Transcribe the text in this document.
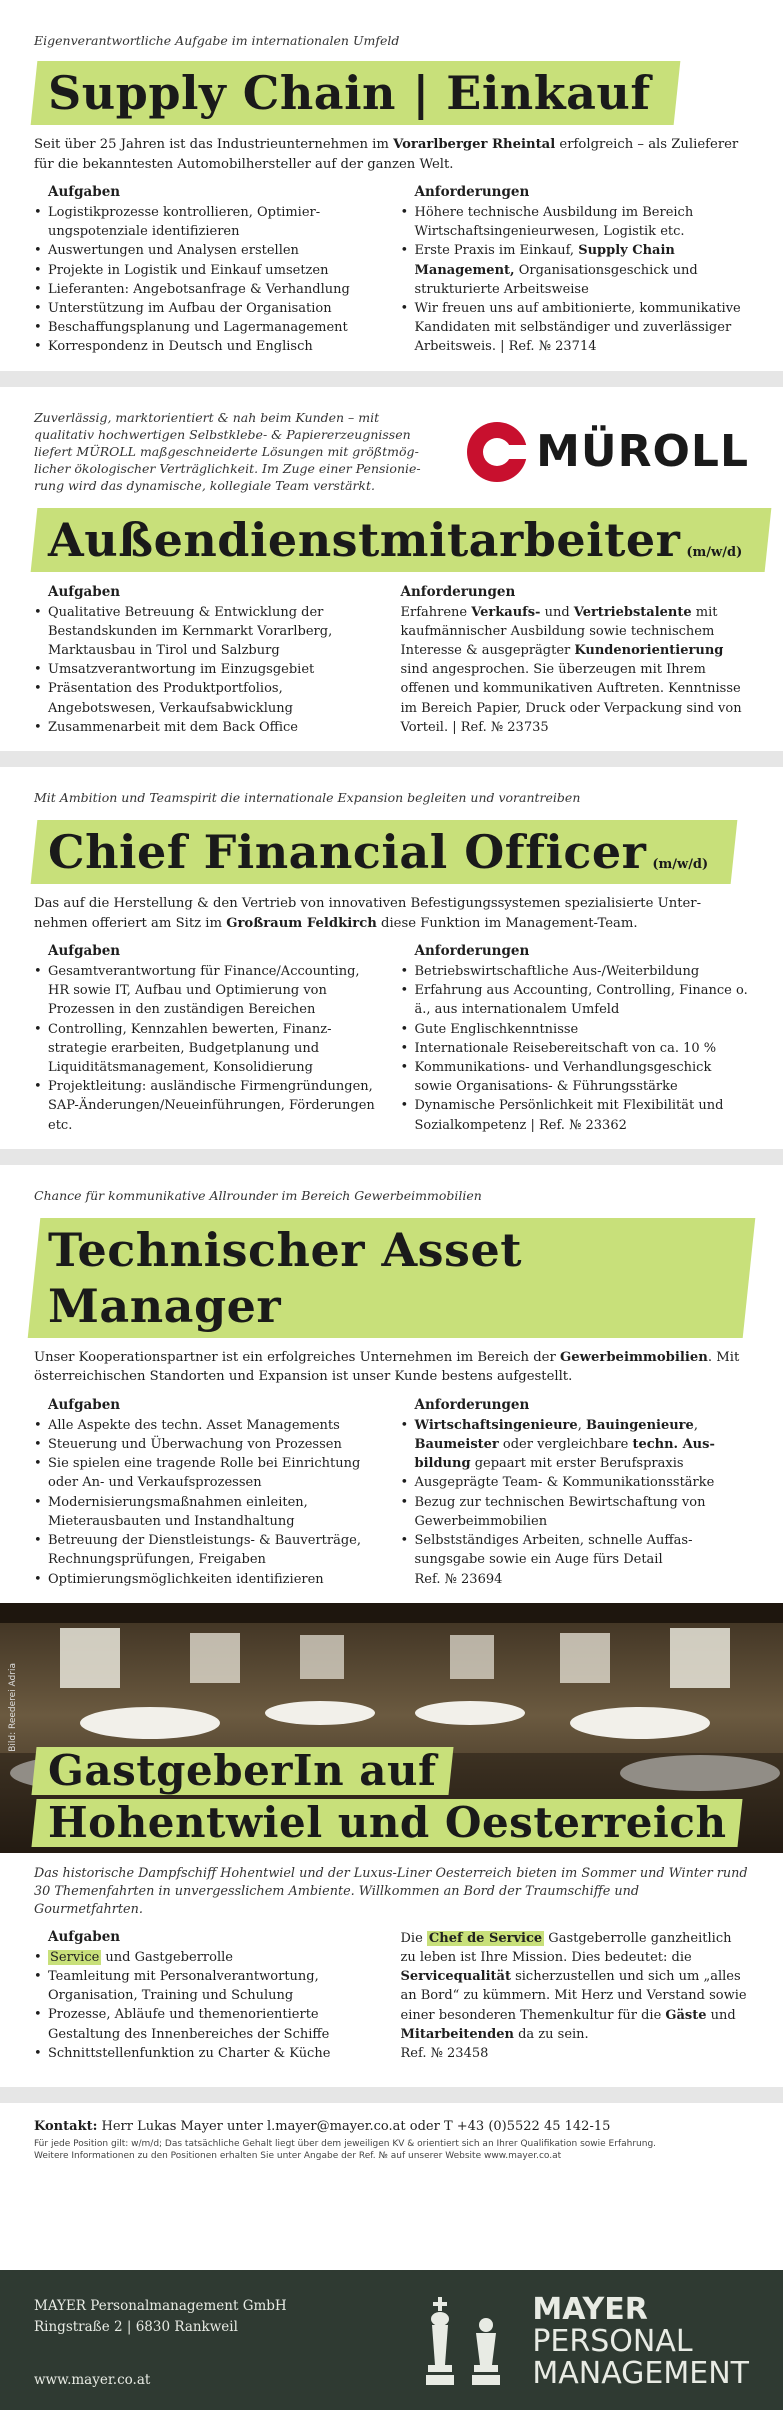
Eigenverantwortliche Aufgabe im internationalen Umfeld
Supply Chain | Einkauf

Seit über 25 Jahren ist das Industrieunternehmen im Vorarlberger Rheintal erfolgreich – als Zulieferer für die bekanntesten Automobilhersteller auf der ganzen Welt.

Aufgaben
• Logistikprozesse kontrollieren, Optimierungspotenziale identifizieren
• Auswertungen und Analysen erstellen
• Projekte in Logistik und Einkauf umsetzen
• Lieferanten: Angebotsanfrage & Verhandlung
• Unterstützung im Aufbau der Organisation
• Beschaffungsplanung und Lagermanagement
• Korrespondenz in Deutsch und Englisch
Anforderungen
• Höhere technische Ausbildung im Bereich Wirtschaftsingenieurwesen, Logistik etc.
• Erste Praxis im Einkauf, Supply Chain Management, Organisationsgeschick und strukturierte Arbeitsweise
• Wir freuen uns auf ambitionierte, kommunikative Kandidaten mit selbständiger und zuverlässiger Arbeitsweis. | Ref. № 23714
Zuverlässig, marktorientiert & nah beim Kunden – mit qualitativ hochwertigen Selbstklebe- & Papiererzeugnissen liefert MÜROLL maßgeschneiderte Lösungen mit größtmöglicher ökologischer Verträglichkeit. Im Zuge einer Pensionierung wird das dynamische, kollegiale Team verstärkt.
MÜROLL
Außendienstmitarbeiter (m/w/d)
Aufgaben
• Qualitative Betreuung & Entwicklung der Bestandskunden im Kernmarkt Vorarlberg, Marktausbau in Tirol und Salzburg
• Umsatzverantwortung im Einzugsgebiet
• Präsentation des Produktportfolios, Angebotswesen, Verkaufsabwicklung
• Zusammenarbeit mit dem Back Office
Anforderungen

Erfahrene Verkaufs- und Vertriebstalente mit kaufmännischer Ausbildung sowie technischem Interesse & ausgeprägter Kundenorientierung sind angesprochen. Sie überzeugen mit Ihrem offenen und kommunikativen Auftreten. Kenntnisse im Bereich Papier, Druck oder Verpackung sind von Vorteil. | Ref. № 23735

Mit Ambition und Teamspirit die internationale Expansion begleiten und vorantreiben
Chief Financial Officer (m/w/d)

Das auf die Herstellung & den Vertrieb von innovativen Befestigungssystemen spezialisierte Unternehmen offeriert am Sitz im Großraum Feldkirch diese Funktion im Management-Team.

Aufgaben
• Gesamtverantwortung für Finance/Accounting, HR sowie IT, Aufbau und Optimierung von Prozessen in den zuständigen Bereichen
• Controlling, Kennzahlen bewerten, Finanzstrategie erarbeiten, Budgetplanung und Liquiditätsmanagement, Konsolidierung
• Projektleitung: ausländische Firmengründungen, SAP-Änderungen/Neueinführungen, Förderungen etc.
Anforderungen
• Betriebswirtschaftliche Aus-/Weiterbildung
• Erfahrung aus Accounting, Controlling, Finance o. ä., aus internationalem Umfeld
• Gute Englischkenntnisse
• Internationale Reisebereitschaft von ca. 10 %
• Kommunikations- und Verhandlungsgeschick sowie Organisations- & Führungsstärke
• Dynamische Persönlichkeit mit Flexibilität und Sozialkompetenz | Ref. № 23362
Chance für kommunikative Allrounder im Bereich Gewerbeimmobilien
Technischer Asset Manager

Unser Kooperationspartner ist ein erfolgreiches Unternehmen im Bereich der Gewerbeimmobilien. Mit österreichischen Standorten und Expansion ist unser Kunde bestens aufgestellt.

Aufgaben
• Alle Aspekte des techn. Asset Managements
• Steuerung und Überwachung von Prozessen
• Sie spielen eine tragende Rolle bei Einrichtung oder An- und Verkaufsprozessen
• Modernisierungsmaßnahmen einleiten, Mieterausbauten und Instandhaltung
• Betreuung der Dienstleistungs- & Bauverträge, Rechnungsprüfungen, Freigaben
• Optimierungsmöglichkeiten identifizieren
Anforderungen
• Wirtschaftsingenieure, Bauingenieure, Baumeister oder vergleichbare techn. Ausbildung gepaart mit erster Berufspraxis
• Ausgeprägte Team- & Kommunikationsstärke
• Bezug zur technischen Bewirtschaftung von Gewerbeimmobilien
• Selbstständiges Arbeiten, schnelle Auffassungsgabe sowie ein Auge fürs Detail

Ref. № 23694

Bild: Reederei Adria
GastgeberIn auf
Hohentwiel und Oesterreich

Das historische Dampfschiff Hohentwiel und der Luxus-Liner Oesterreich bieten im Sommer und Winter rund 30 Themenfahrten in unvergesslichem Ambiente. Willkommen an Bord der Traumschiffe und Gourmetfahrten.

Aufgaben
• Service und Gastgeberrolle
• Teamleitung mit Personalverantwortung, Organisation, Training und Schulung
• Prozesse, Abläufe und themenorientierte Gestaltung des Innenbereiches der Schiffe
• Schnittstellenfunktion zu Charter & Küche

Die Chef de Service Gastgeberrolle ganzheitlich zu leben ist Ihre Mission. Dies bedeutet: die Servicequalität sicherzustellen und sich um „alles an Bord“ zu kümmern. Mit Herz und Verstand sowie einer besonderen Themenkultur für die Gäste und Mitarbeitenden da zu sein.

Ref. № 23458

Kontakt: Herr Lukas Mayer unter l.mayer@mayer.co.at oder T +43 (0)5522 45 142-15

Für jede Position gilt: w/m/d; Das tatsächliche Gehalt liegt über dem jeweiligen KV & orientiert sich an Ihrer Qualifikation sowie Erfahrung.
Weitere Informationen zu den Positionen erhalten Sie unter Angabe der Ref. № auf unserer Website www.mayer.co.at

MAYER Personalmanagement GmbH
Ringstraße 2 | 6830 Rankweil
www.mayer.co.at
MAYER
PERSONAL
MANAGEMENT
